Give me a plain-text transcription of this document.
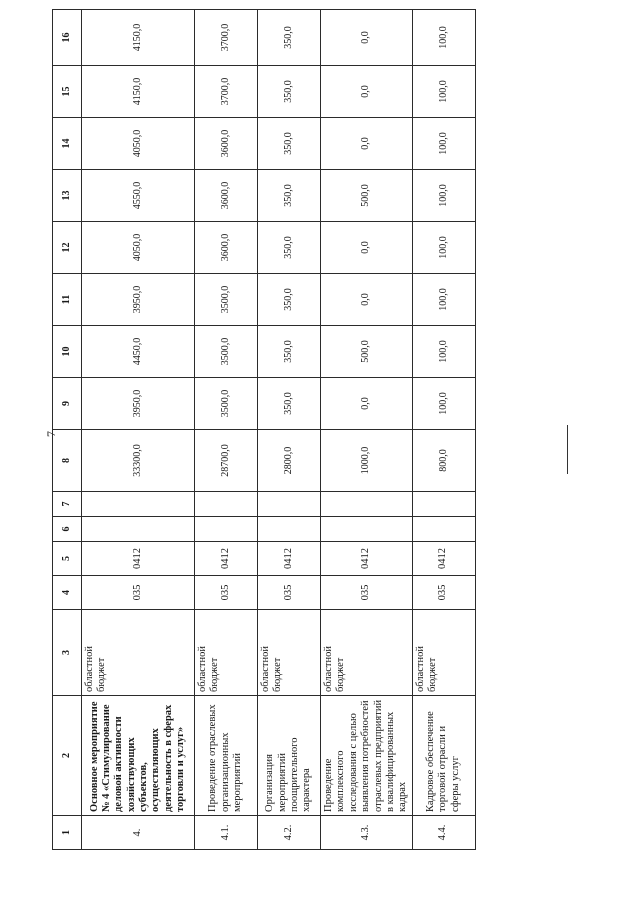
7
1	2	3	4	5	6	7	8	9	10	11	12	13	14	15	16
4.	Основное мероприятие № 4 «Стимулирование деловой активности хозяйствующих субъектов, осуществляющих деятельность в сферах торговли и услуг»	областной бюджет	035	0412			33300,0	3950,0	4450,0	3950,0	4050,0	4550,0	4050,0	4150,0	4150,0
4.1.	Проведение отраслевых организационных мероприятий	областной бюджет	035	0412			28700,0	3500,0	3500,0	3500,0	3600,0	3600,0	3600,0	3700,0	3700,0
4.2.	Организация мероприятий поощрительного характера	областной бюджет	035	0412			2800,0	350,0	350,0	350,0	350,0	350,0	350,0	350,0	350,0
4.3.	Проведение комплексного исследования с целью выявления потребностей отраслевых предприятий в квалифицированных кадрах	областной бюджет	035	0412			1000,0	0,0	500,0	0,0	0,0	500,0	0,0	0,0	0,0
4.4.	Кадровое обеспечение торговой отрасли и сферы услуг	областной бюджет	035	0412			800,0	100,0	100,0	100,0	100,0	100,0	100,0	100,0	100,0
